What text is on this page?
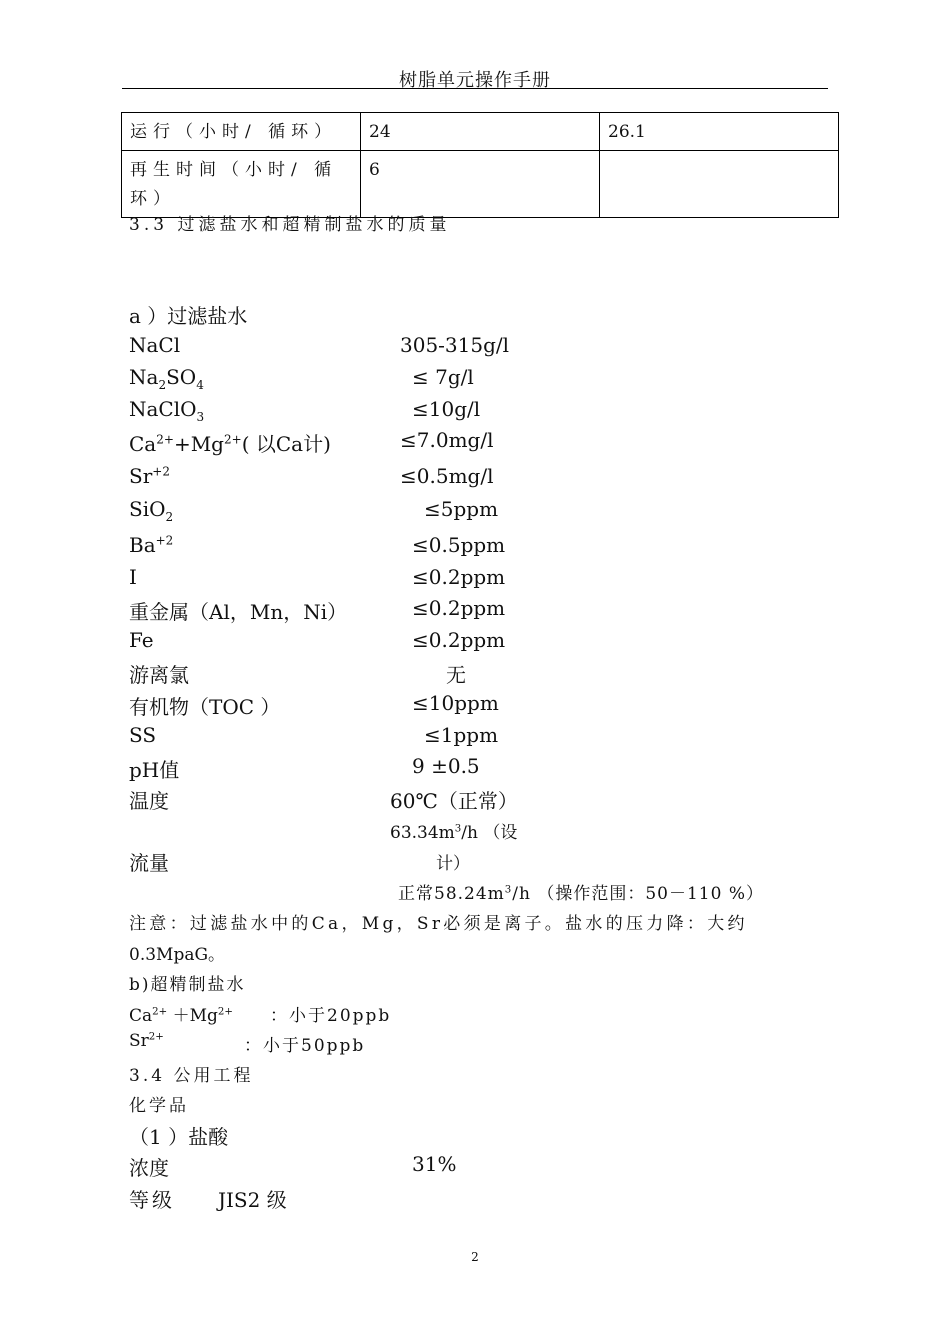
树脂单元操作手册
运行（小时/ 循环）	24	26.1

再生时间（小时/ 循
环）	6	
3.3 过滤盐水和超精制盐水的质量
a ）过滤盐水
NaCl	305-315g/l
$Na_2SO_4$	≤ 7g/l
NaClO$_3$	≤10g/l
$Ca^{2+}+Mg^{2+}$( 以Ca计)	≤7.0mg/l
$Sr^{+2}$	≤0.5mg/l
SiO$_2$	≤5ppm
$Ba^{+2}$	≤0.5ppm
I	≤0.2ppm
重金属（Al，Mn，Ni）	≤0.2ppm
Fe	≤0.2ppm
游离氯	无
有机物（TOC ）	≤10ppm
SS	≤1ppm
pH值	9 ±0.5
温度	60℃（正常）
$63.34m^3/h$ （设
流量	计）
正常$58.24m^3/h$ （操作范围：50－110 %）
注意：过滤盐水中的Ca，Mg，Sr必须是离子。盐水的压力降：大约
0.3MpaG。
b)超精制盐水
$Ca^{2+} +Mg^{2+}$ ：小于20ppb
$Sr^{2+}$	：小于50ppb
3.4 公用工程
化学品
（1 ）盐酸
浓度	31%
等级 JIS2 级
2
